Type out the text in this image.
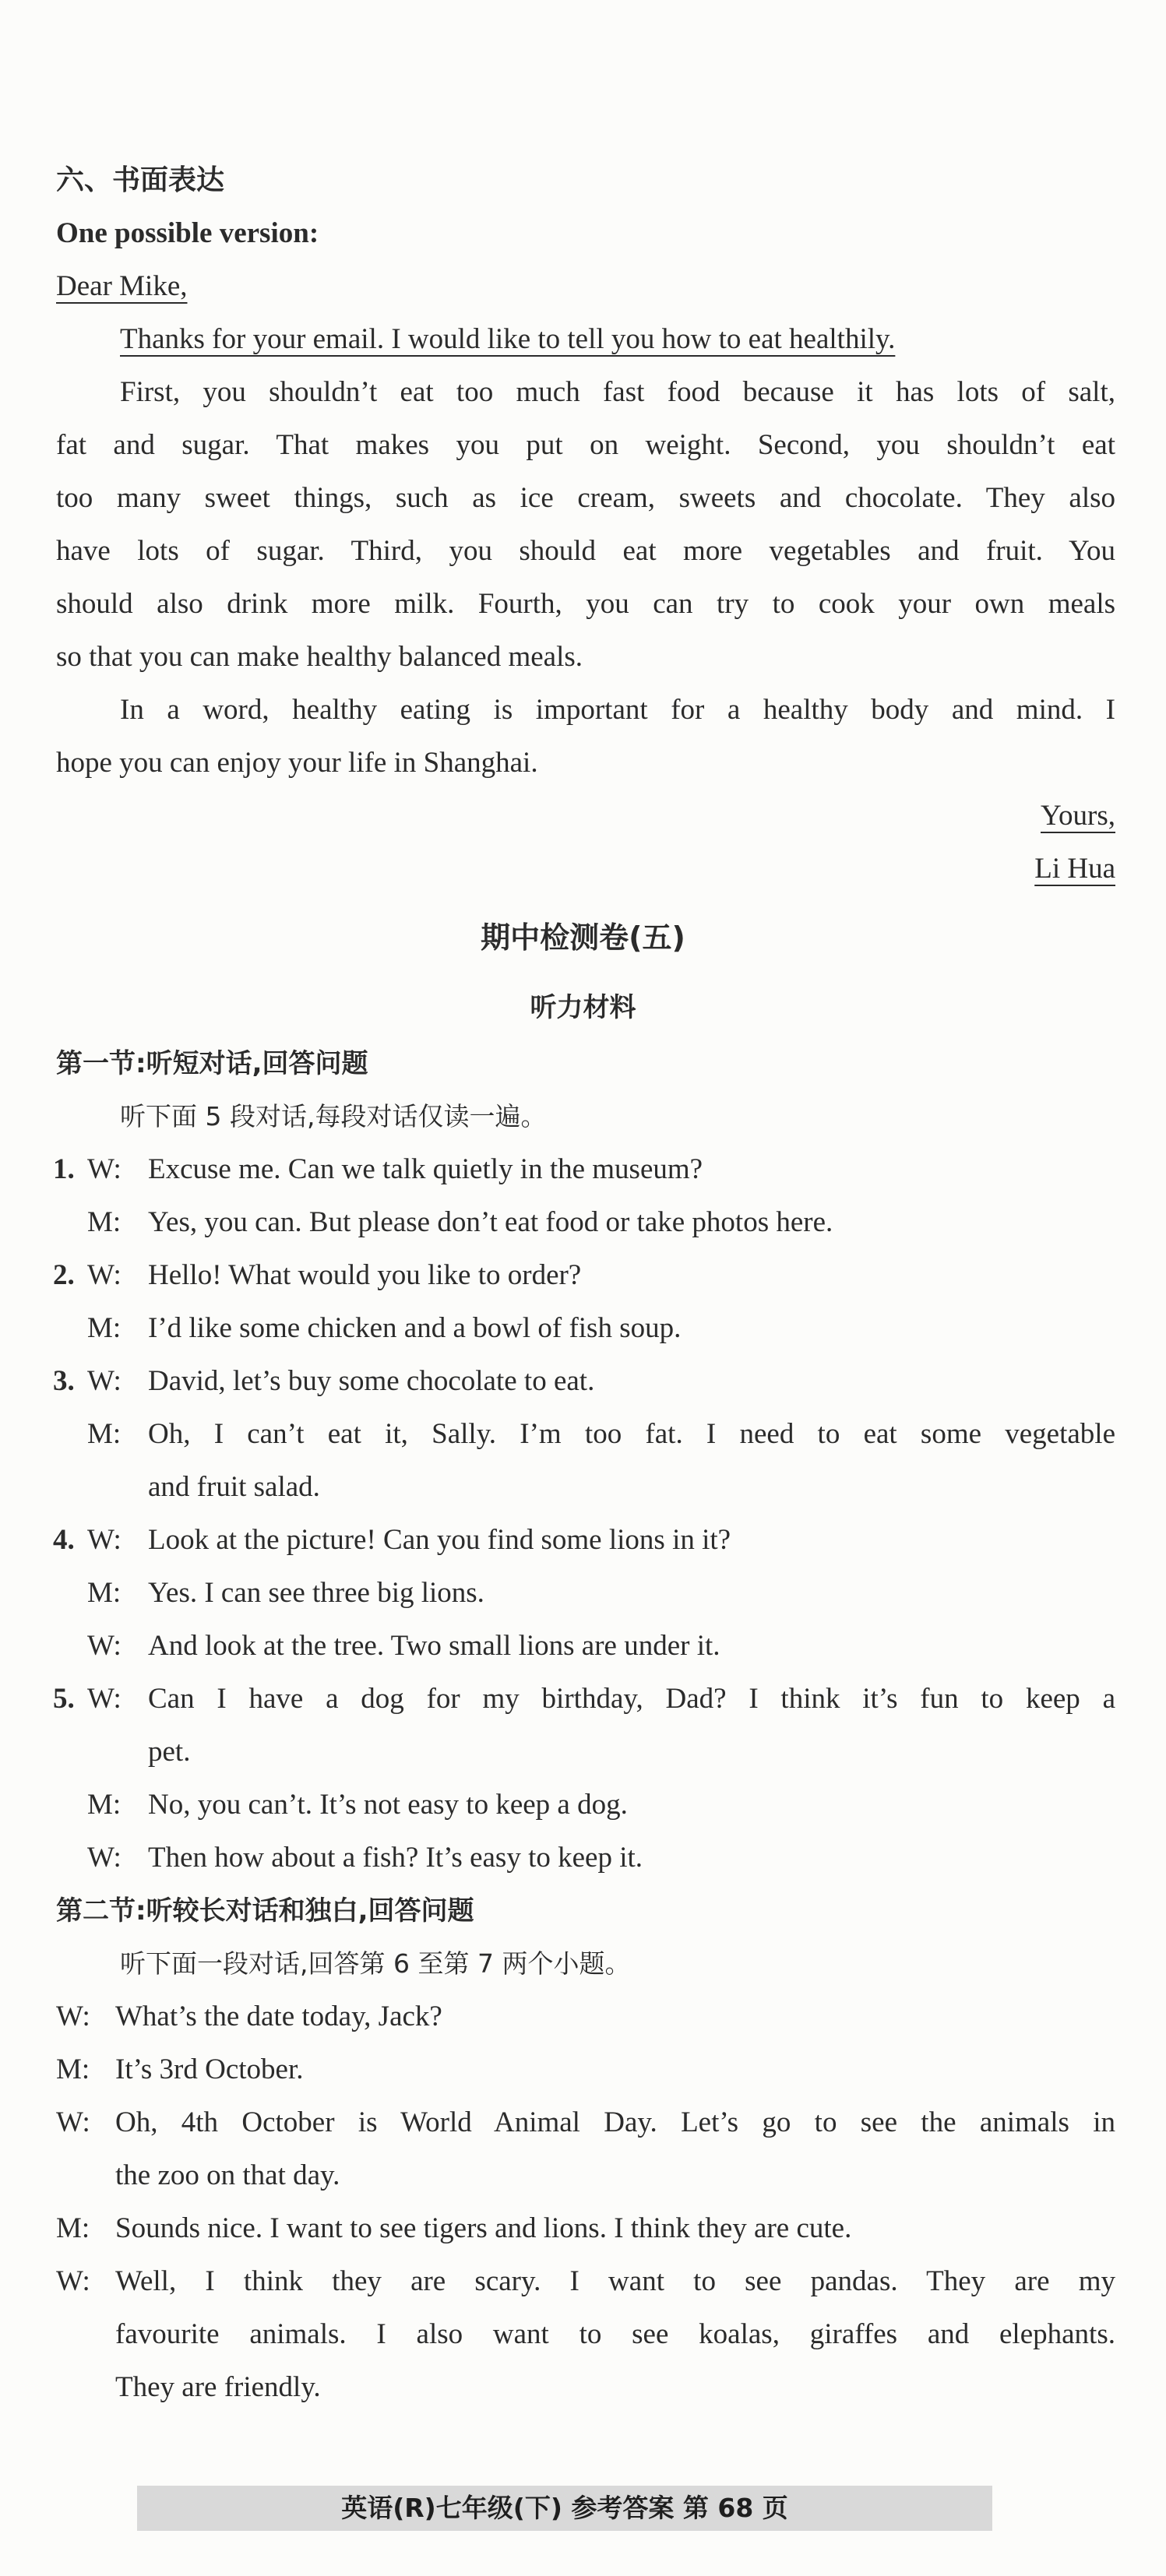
六、书面表达
One possible version:
Dear Mike,
Thanks for your email. I would like to tell you how to eat healthily.
First, you shouldn’t eat too much fast food because it has lots of salt,
fat and sugar. That makes you put on weight. Second, you shouldn’t eat
too many sweet things, such as ice cream, sweets and chocolate. They also
have lots of sugar. Third, you should eat more vegetables and fruit. You
should also drink more milk. Fourth, you can try to cook your own meals
so that you can make healthy balanced meals.
In a word, healthy eating is important for a healthy body and mind. I
hope you can enjoy your life in Shanghai.
Yours,
Li Hua
期中检测卷(五)
听力材料
第一节:听短对话,回答问题
听下面 5 段对话,每段对话仅读一遍。
1. W: Excuse me. Can we talk quietly in the museum?
M: Yes, you can. But please don’t eat food or take photos here.
2. W: Hello! What would you like to order?
M: I’d like some chicken and a bowl of fish soup.
3. W: David, let’s buy some chocolate to eat.
M: Oh, I can’t eat it, Sally. I’m too fat. I need to eat some vegetable
and fruit salad.
4. W: Look at the picture! Can you find some lions in it?
M: Yes. I can see three big lions.
W: And look at the tree. Two small lions are under it.
5. W: Can I have a dog for my birthday, Dad? I think it’s fun to keep a
pet.
M: No, you can’t. It’s not easy to keep a dog.
W: Then how about a fish? It’s easy to keep it.
第二节:听较长对话和独白,回答问题
听下面一段对话,回答第 6 至第 7 两个小题。
W: What’s the date today, Jack?
M: It’s 3rd October.
W: Oh, 4th October is World Animal Day. Let’s go to see the animals in
the zoo on that day.
M: Sounds nice. I want to see tigers and lions. I think they are cute.
W: Well, I think they are scary. I want to see pandas. They are my
favourite animals. I also want to see koalas, giraffes and elephants.
They are friendly.
英语(R)七年级(下) 参考答案 第 68 页
